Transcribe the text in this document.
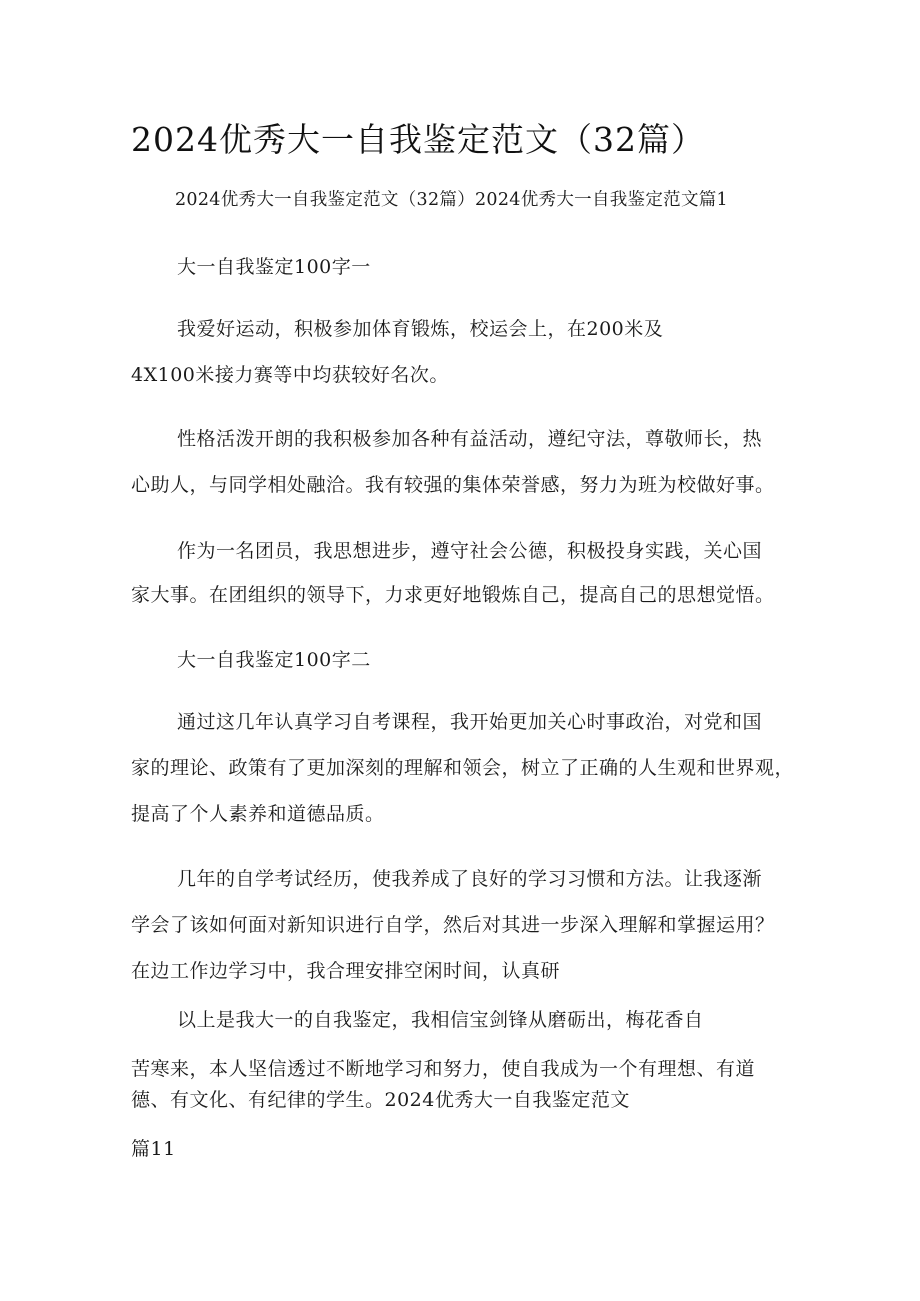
2024优秀大一自我鉴定范文（32篇）
2024优秀大一自我鉴定范文（32篇）2024优秀大一自我鉴定范文篇1
大一自我鉴定100字一
我爱好运动，积极参加体育锻炼，校运会上，在200米及
4X100米接力赛等中均获较好名次。
性格活泼开朗的我积极参加各种有益活动，遵纪守法，尊敬师长，热
心助人，与同学相处融洽。我有较强的集体荣誉感，努力为班为校做好事。
作为一名团员，我思想进步，遵守社会公德，积极投身实践，关心国
家大事。在团组织的领导下，力求更好地锻炼自己，提高自己的思想觉悟。
大一自我鉴定100字二
通过这几年认真学习自考课程，我开始更加关心时事政治，对党和国
家的理论、政策有了更加深刻的理解和领会，树立了正确的人生观和世界观，
提高了个人素养和道德品质。
几年的自学考试经历，使我养成了良好的学习习惯和方法。让我逐渐
学会了该如何面对新知识进行自学，然后对其进一步深入理解和掌握运用？
在边工作边学习中，我合理安排空闲时间，认真研
以上是我大一的自我鉴定，我相信宝剑锋从磨砺出，梅花香自
苦寒来，本人坚信透过不断地学习和努力，使自我成为一个有理想、有道
德、有文化、有纪律的学生。2024优秀大一自我鉴定范文
篇11
